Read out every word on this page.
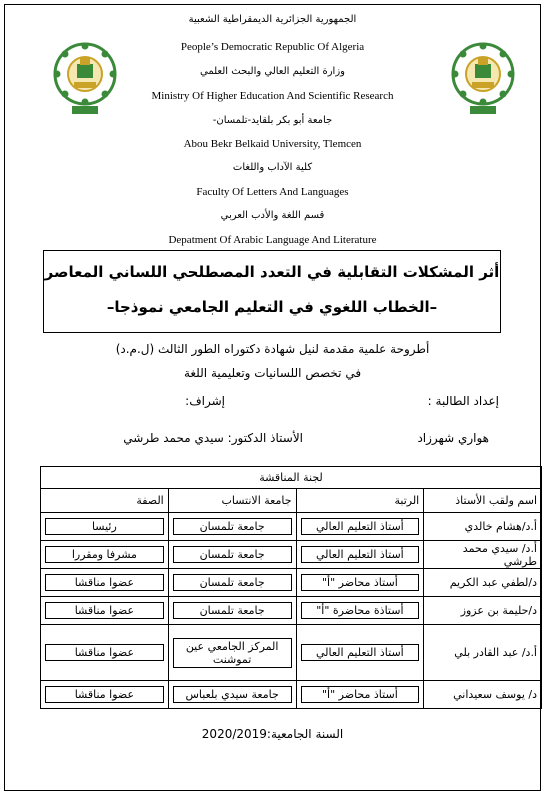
الجمهورية الجزائرية الديمقراطية الشعبية
People’s Democratic Republic Of Algeria
وزارة التعليم العالي والبحث العلمي
Ministry Of Higher Education And Scientific Research
جامعة أبو بكر بلقايد-تلمسان-
Abou Bekr Belkaid University, Tlemcen
كلية الآداب واللغات
Faculty Of Letters And Languages
قسم اللغة والأدب العربي
Depatment Of Arabic Language And Literature
أثر المشكلات التقابلية في التعدد المصطلحي اللساني المعاصر
–الخطاب اللغوي في التعليم الجامعي نموذجا–
أطروحة علمية مقدمة لنيل شهادة دكتوراه الطور الثالث (ل.م.د)
في تخصص اللسانيات وتعليمية اللغة
إعداد الطالبة :
إشراف:
هواري شهرزاد
الأستاذ الدكتور: سيدي محمد طرشي
لجنة المناقشة			
اسم ولقب الأستاذ	الرتبة	جامعة الانتساب	الصفة
أ.د/هشام خالدي	أستاذ التعليم العالي	جامعة تلمسان	رئيسا

أ.د/ سيدي محمد طرشي	أستاذ التعليم العالي	جامعة تلمسان	مشرفا ومقررا

د/لطفي عبد الكريم	أستاذ محاضر "أ"	جامعة تلمسان	عضوا مناقشا

د/حليمة بن عزوز	أستاذة محاضرة "أ"	جامعة تلمسان	عضوا مناقشا

أ.د/ عبد القادر بلي	أستاذ التعليم العالي	المركز الجامعي عين تموشنت	عضوا مناقشا

د/ يوسف سعيداني	أستاذ محاضر "أ"	جامعة سيدي بلعباس	عضوا مناقشا
السنة الجامعية:2020/2019
